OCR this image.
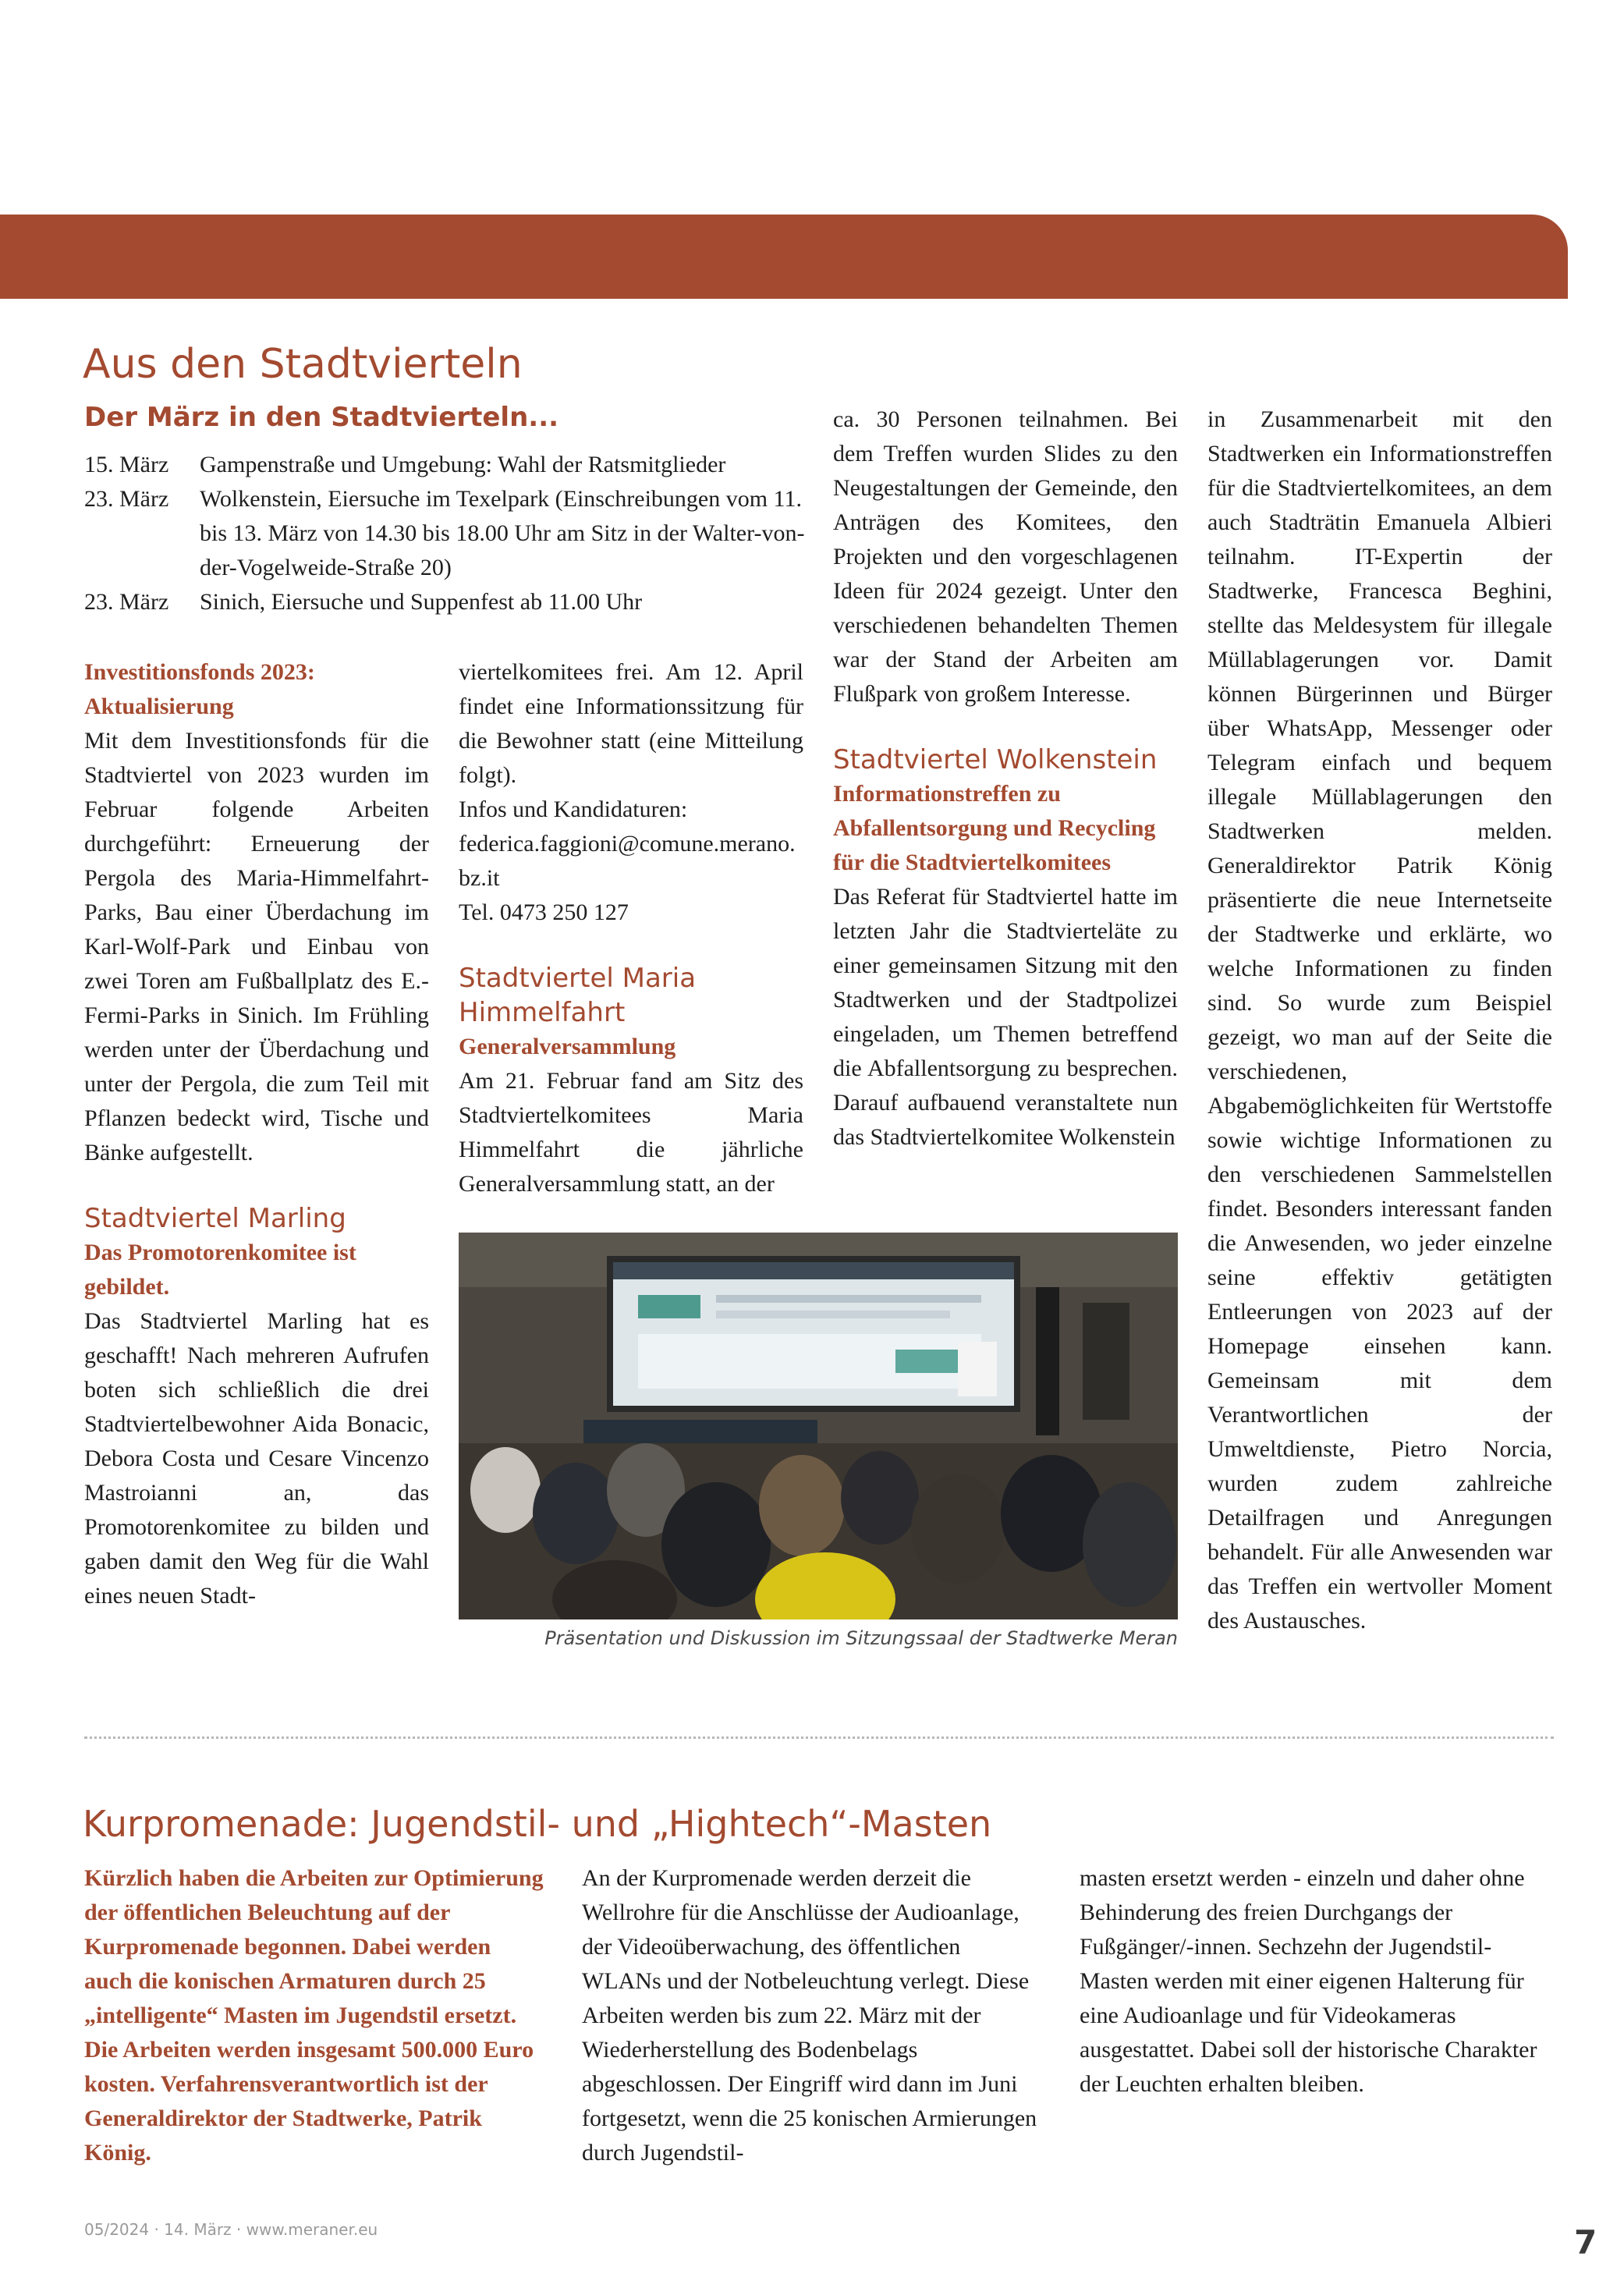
Aus den Stadtvierteln
Der März in den Stadtvierteln...
15. März	Gampenstraße und Umgebung: Wahl der Ratsmitglieder
23. März	Wolkenstein, Eiersuche im Texelpark (Einschreibungen vom 11. bis 13. März von 14.30 bis 18.00 Uhr am Sitz in der Walter-von-der-Vogelweide-Straße 20)
23. März	Sinich, Eiersuche und Suppenfest ab 11.00 Uhr

Investitionsfonds 2023: Aktualisierung

Mit dem Investitionsfonds für die Stadtviertel von 2023 wurden im Februar folgende Arbeiten durchgeführt: Erneuerung der Pergola des Maria-Himmelfahrt-Parks, Bau einer Überdachung im Karl-Wolf-Park und Einbau von zwei Toren am Fußballplatz des E.-Fermi-Parks in Sinich. Im Frühling werden unter der Überdachung und unter der Pergola, die zum Teil mit Pflanzen bedeckt wird, Tische und Bänke aufgestellt.

Stadtviertel Marling

Das Promotorenkomitee ist gebildet.

Das Stadtviertel Marling hat es geschafft! Nach mehreren Aufrufen boten sich schließlich die drei Stadtviertelbewohner Aida Bonacic, Debora Costa und Cesare Vincenzo Mastroianni an, das Promotorenkomitee zu bilden und gaben damit den Weg für die Wahl eines neuen Stadt-

viertelkomitees frei. Am 12. April findet eine Informationssitzung für die Bewohner statt (eine Mitteilung folgt).

Infos und Kandidaturen:

federica.faggioni@comune.merano.bz.it

Tel. 0473 250 127

Stadtviertel Maria Himmelfahrt

Generalversammlung

Am 21. Februar fand am Sitz des Stadtviertelkomitees Maria Himmelfahrt die jährliche Generalversammlung statt, an der

ca. 30 Personen teilnahmen. Bei dem Treffen wurden Slides zu den Neugestaltungen der Gemeinde, den Anträgen des Komitees, den Projekten und den vorgeschlagenen Ideen für 2024 gezeigt. Unter den verschiedenen behandelten Themen war der Stand der Arbeiten am Flußpark von großem Interesse.

Stadtviertel Wolkenstein

Informationstreffen zu Abfallentsorgung und Recycling für die Stadtviertelkomitees

Das Referat für Stadtviertel hatte im letzten Jahr die Stadtvierteläte zu einer gemeinsamen Sitzung mit den Stadtwerken und der Stadtpolizei eingeladen, um Themen betreffend die Abfallentsorgung zu besprechen. Darauf aufbauend veranstaltete nun das Stadtviertelkomitee Wolkenstein

in Zusammenarbeit mit den Stadtwerken ein Informationstreffen für die Stadtviertelkomitees, an dem auch Stadträtin Emanuela Albieri teilnahm. IT-Expertin der Stadtwerke, Francesca Beghini, stellte das Meldesystem für illegale Müllablagerungen vor. Damit können Bürgerinnen und Bürger über WhatsApp, Messenger oder Telegram einfach und bequem illegale Müllablagerungen den Stadtwerken melden. Generaldirektor Patrik König präsentierte die neue Internetseite der Stadtwerke und erklärte, wo welche Informationen zu finden sind. So wurde zum Beispiel gezeigt, wo man auf der Seite die verschiedenen, Abgabemöglichkeiten für Wertstoffe sowie wichtige Informationen zu den verschiedenen Sammelstellen findet. Besonders interessant fanden die Anwesenden, wo jeder einzelne seine effektiv getätigten Entleerungen von 2023 auf der Homepage einsehen kann. Gemeinsam mit dem Verantwortlichen der Umweltdienste, Pietro Norcia, wurden zudem zahlreiche Detailfragen und Anregungen behandelt. Für alle Anwesenden war das Treffen ein wertvoller Moment des Austausches.

Präsentation und Diskussion im Sitzungssaal der Stadtwerke Meran
Kurpromenade: Jugendstil- und „Hightech“-Masten

Kürzlich haben die Arbeiten zur Optimierung der öffentlichen Beleuchtung auf der Kurpromenade begonnen. Dabei werden auch die konischen Armaturen durch 25 „intelligente“ Masten im Jugendstil ersetzt. Die Arbeiten werden insgesamt 500.000 Euro kosten. Verfahrensverantwortlich ist der Generaldirektor der Stadtwerke, Patrik König.

An der Kurpromenade werden derzeit die Wellrohre für die Anschlüsse der Audioanlage, der Videoüberwachung, des öffentlichen WLANs und der Notbeleuchtung verlegt. Diese Arbeiten werden bis zum 22. März mit der Wiederherstellung des Bodenbelags abgeschlossen. Der Eingriff wird dann im Juni fortgesetzt, wenn die 25 konischen Armierungen durch Jugendstil-

masten ersetzt werden - einzeln und daher ohne Behinderung des freien Durchgangs der Fußgänger/-innen. Sechzehn der Jugendstil-Masten werden mit einer eigenen Halterung für eine Audioanlage und für Videokameras ausgestattet. Dabei soll der historische Charakter der Leuchten erhalten bleiben.

05/2024 · 14. März · www.meraner.eu	7
